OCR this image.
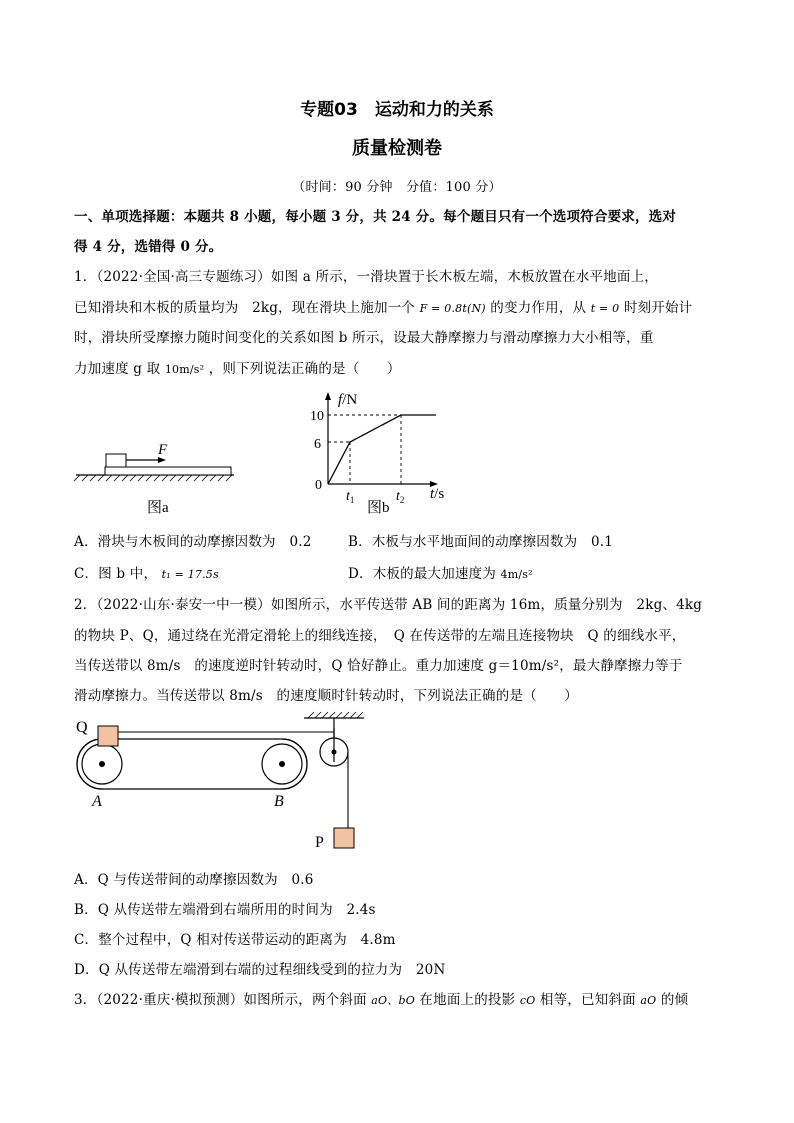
专题03　运动和力的关系
质量检测卷
（时间：90 分钟　分值：100 分）
一、单项选择题：本题共 8 小题，每小题 3 分，共 24 分。每个题目只有一个选项符合要求，选对
得 4 分，选错得 0 分。
1．（2022·全国·高三专题练习）如图 a 所示，一滑块置于长木板左端，木板放置在水平地面上，
已知滑块和木板的质量均为　2kg，现在滑块上施加一个 F = 0.8t(N) 的变力作用，从 t = 0 时刻开始计
时，滑块所受摩擦力随时间变化的关系如图 b 所示，设最大静摩擦力与滑动摩擦力大小相等，重
力加速度 g 取 10m/s² ，则下列说法正确的是（　　）
F
图a
f/N
t/s
10
6
0
$t_1$	$t_2$
图b
A．滑块与木板间的动摩擦因数为　0.2	B．木板与水平地面间的动摩擦因数为　0.1
C．图 b 中， t₁ = 17.5s	D．木板的最大加速度为 4m/s²
2．（2022·山东·泰安一中一模）如图所示，水平传送带 AB 间的距离为 16m，质量分别为　2kg、4kg
的物块 P、Q，通过绕在光滑定滑轮上的细线连接，　Q 在传送带的左端且连接物块　Q 的细线水平，
当传送带以 8m/s　的速度逆时针转动时，Q 恰好静止。重力加速度 g＝10m/s²，最大静摩擦力等于
滑动摩擦力。当传送带以 8m/s　的速度顺时针转动时，下列说法正确的是（　　）
Q
A	B
P
A．Q 与传送带间的动摩擦因数为　0.6
B．Q 从传送带左端滑到右端所用的时间为　2.4s
C．整个过程中，Q 相对传送带运动的距离为　4.8m
D．Q 从传送带左端滑到右端的过程细线受到的拉力为　20N
3．（2022·重庆·模拟预测）如图所示，两个斜面 aO、bO 在地面上的投影 cO 相等，已知斜面 aO 的倾
